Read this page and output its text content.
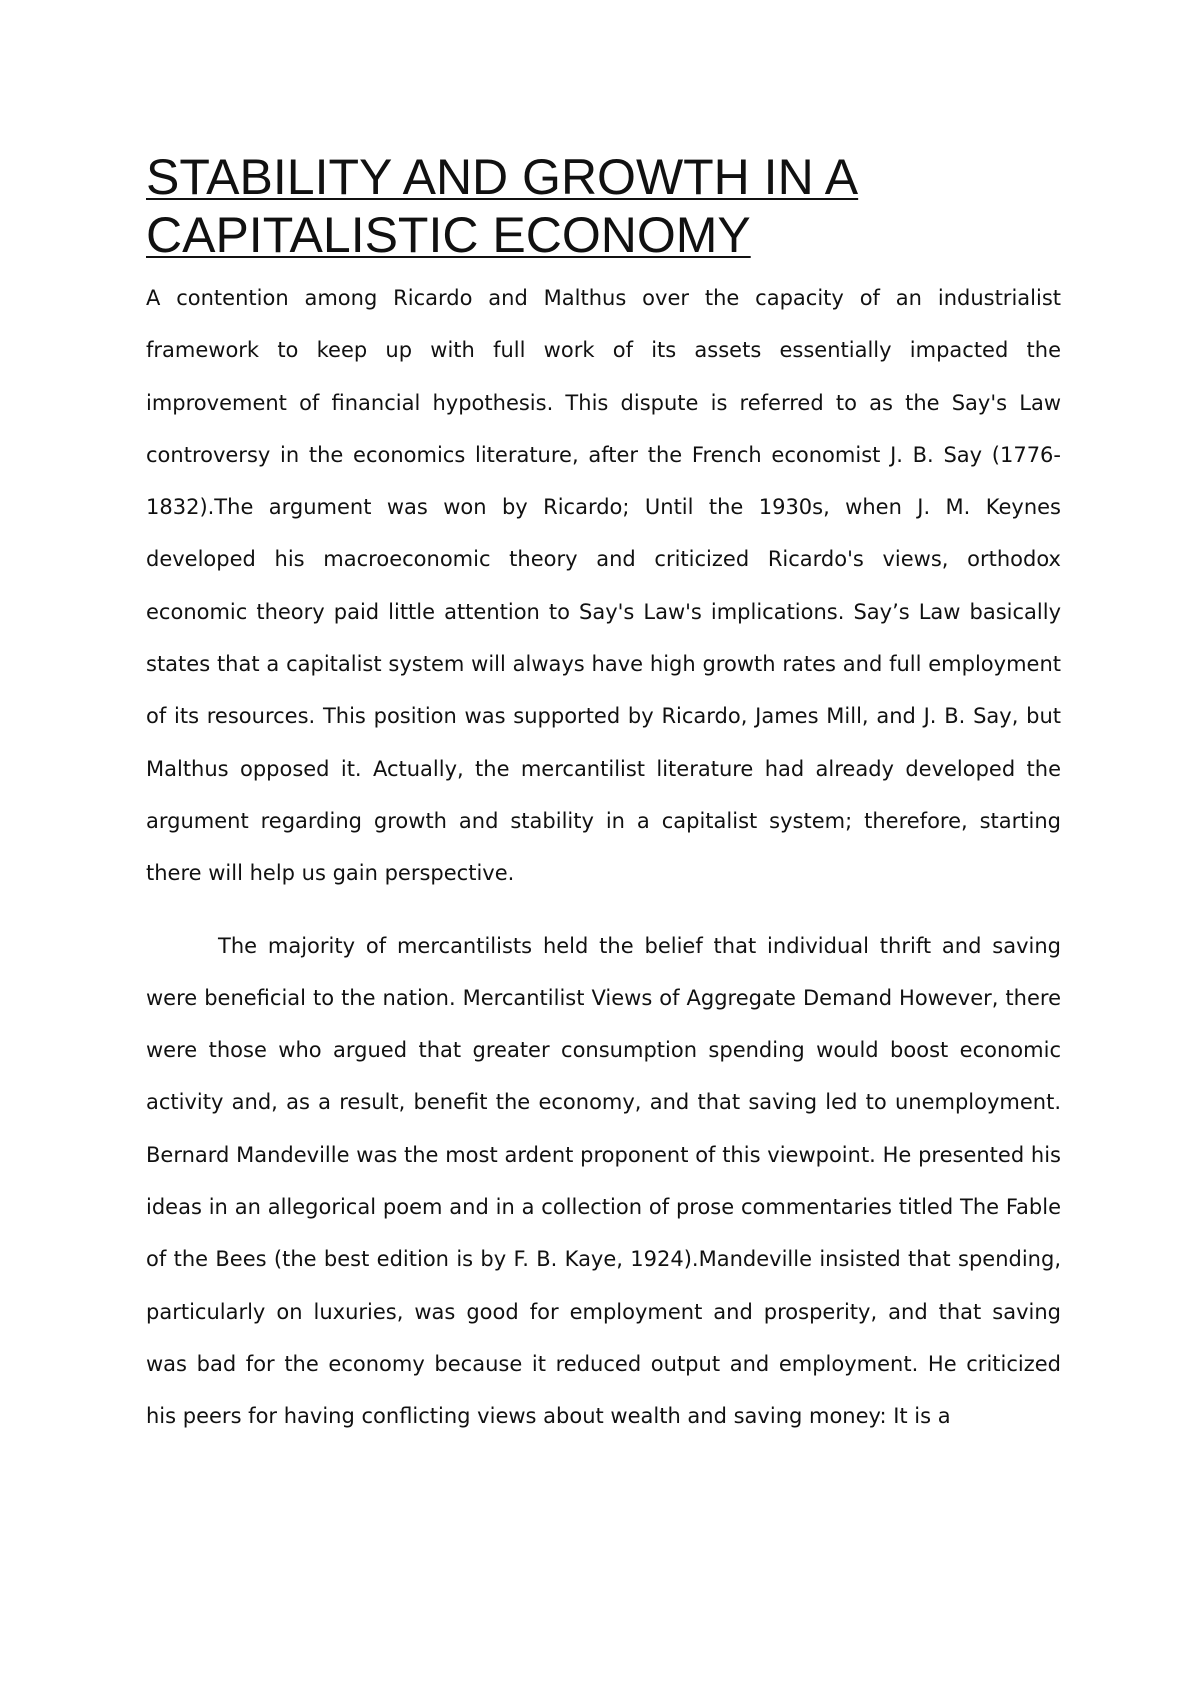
STABILITY AND GROWTH IN A CAPITALISTIC ECONOMY

A contention among Ricardo and Malthus over the capacity of an industrialist framework to keep up with full work of its assets essentially impacted the improvement of financial hypothesis. This dispute is referred to as the Say's Law controversy in the economics literature, after the French economist J. B. Say (1776-1832).The argument was won by Ricardo; Until the 1930s, when J. M. Keynes developed his macroeconomic theory and criticized Ricardo's views, orthodox economic theory paid little attention to Say's Law's implications. Say’s Law basically states that a capitalist system will always have high growth rates and full employment of its resources. This position was supported by Ricardo, James Mill, and J. B. Say, but Malthus opposed it. Actually, the mercantilist literature had already developed the argument regarding growth and stability in a capitalist system; therefore, starting there will help us gain perspective.

The majority of mercantilists held the belief that individual thrift and saving were beneficial to the nation. Mercantilist Views of Aggregate Demand However, there were those who argued that greater consumption spending would boost economic activity and, as a result, benefit the economy, and that saving led to unemployment. Bernard Mandeville was the most ardent proponent of this viewpoint. He presented his ideas in an allegorical poem and in a collection of prose commentaries titled The Fable of the Bees (the best edition is by F. B. Kaye, 1924).Mandeville insisted that spending, particularly on luxuries, was good for employment and prosperity, and that saving was bad for the economy because it reduced output and employment. He criticized his peers for having conflicting views about wealth and saving money: It is a
